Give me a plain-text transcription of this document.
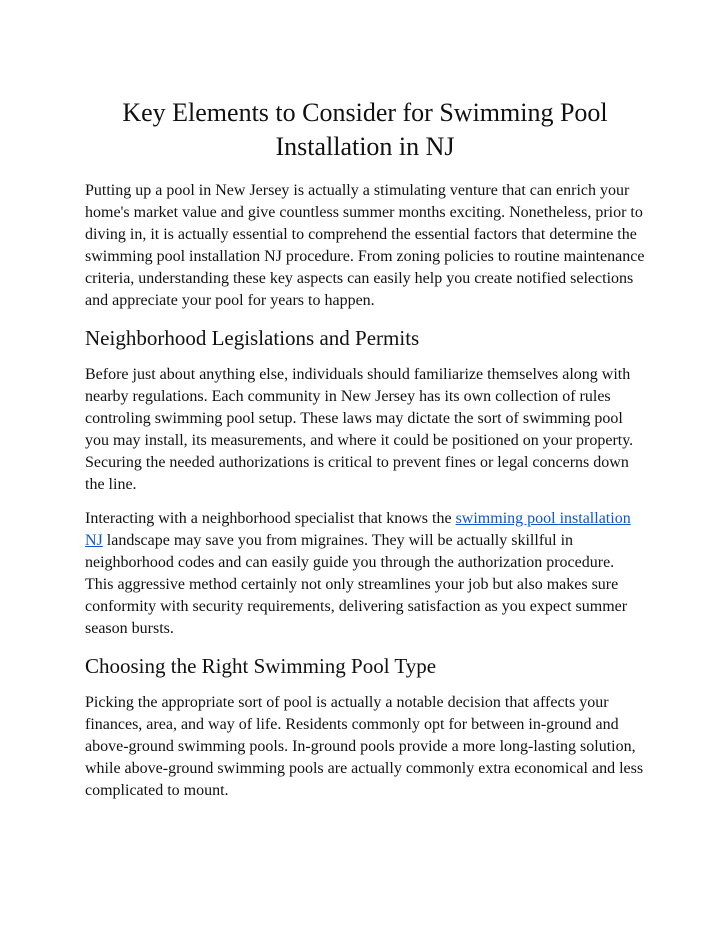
Key Elements to Consider for Swimming Pool Installation in NJ

Putting up a pool in New Jersey is actually a stimulating venture that can enrich your home's market value and give countless summer months exciting. Nonetheless, prior to diving in, it is actually essential to comprehend the essential factors that determine the swimming pool installation NJ procedure. From zoning policies to routine maintenance criteria, understanding these key aspects can easily help you create notified selections and appreciate your pool for years to happen.

Neighborhood Legislations and Permits

Before just about anything else, individuals should familiarize themselves along with nearby regulations. Each community in New Jersey has its own collection of rules controling swimming pool setup. These laws may dictate the sort of swimming pool you may install, its measurements, and where it could be positioned on your property. Securing the needed authorizations is critical to prevent fines or legal concerns down the line.

Interacting with a neighborhood specialist that knows the swimming pool installation NJ landscape may save you from migraines. They will be actually skillful in neighborhood codes and can easily guide you through the authorization procedure. This aggressive method certainly not only streamlines your job but also makes sure conformity with security requirements, delivering satisfaction as you expect summer season bursts.

Choosing the Right Swimming Pool Type

Picking the appropriate sort of pool is actually a notable decision that affects your finances, area, and way of life. Residents commonly opt for between in-ground and above-ground swimming pools. In-ground pools provide a more long-lasting solution, while above-ground swimming pools are actually commonly extra economical and less complicated to mount.
